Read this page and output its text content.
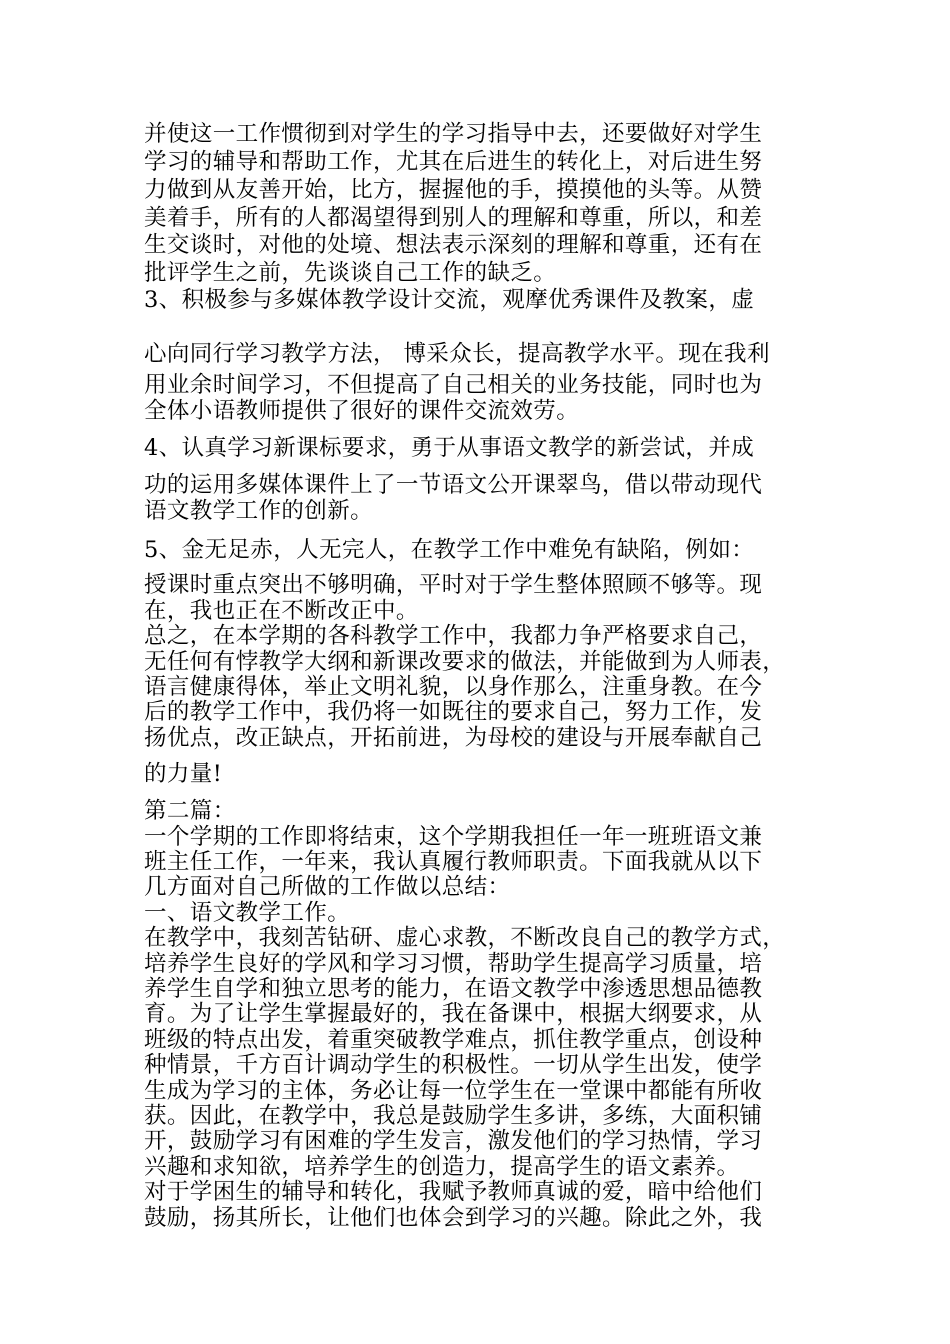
并使这一工作惯彻到对学生的学习指导中去，还要做好对学生
学习的辅导和帮助工作，尤其在后进生的转化上，对后进生努
力做到从友善开始，比方，握握他的手，摸摸他的头等。从赞
美着手，所有的人都渴望得到别人的理解和尊重，所以，和差
生交谈时，对他的处境、想法表示深刻的理解和尊重，还有在
批评学生之前，先谈谈自己工作的缺乏。
3、积极参与多媒体教学设计交流，观摩优秀课件及教案，虚
心向同行学习教学方法， 博采众长，提高教学水平。现在我利
用业余时间学习，不但提高了自己相关的业务技能，同时也为
全体小语教师提供了很好的课件交流效劳。
4、认真学习新课标要求，勇于从事语文教学的新尝试，并成
功的运用多媒体课件上了一节语文公开课翠鸟，借以带动现代
语文教学工作的创新。
5、金无足赤，人无完人，在教学工作中难免有缺陷，例如：
授课时重点突出不够明确，平时对于学生整体照顾不够等。现
在，我也正在不断改正中。
总之，在本学期的各科教学工作中，我都力争严格要求自己，
无任何有悖教学大纲和新课改要求的做法，并能做到为人师表，
语言健康得体，举止文明礼貌，以身作那么，注重身教。在今
后的教学工作中，我仍将一如既往的要求自己，努力工作，发
扬优点，改正缺点，开拓前进，为母校的建设与开展奉献自己
的力量!
第二篇：
一个学期的工作即将结束，这个学期我担任一年一班班语文兼
班主任工作，一年来，我认真履行教师职责。下面我就从以下
几方面对自己所做的工作做以总结：
一、语文教学工作。
在教学中，我刻苦钻研、虚心求教，不断改良自己的教学方式，
培养学生良好的学风和学习习惯，帮助学生提高学习质量，培
养学生自学和独立思考的能力，在语文教学中渗透思想品德教
育。为了让学生掌握最好的，我在备课中，根据大纲要求，从
班级的特点出发，着重突破教学难点，抓住教学重点，创设种
种情景，千方百计调动学生的积极性。一切从学生出发，使学
生成为学习的主体，务必让每一位学生在一堂课中都能有所收
获。因此，在教学中，我总是鼓励学生多讲，多练，大面积铺
开，鼓励学习有困难的学生发言，激发他们的学习热情，学习
兴趣和求知欲，培养学生的创造力，提高学生的语文素养。
对于学困生的辅导和转化，我赋予教师真诚的爱，暗中给他们
鼓励，扬其所长，让他们也体会到学习的兴趣。除此之外，我
